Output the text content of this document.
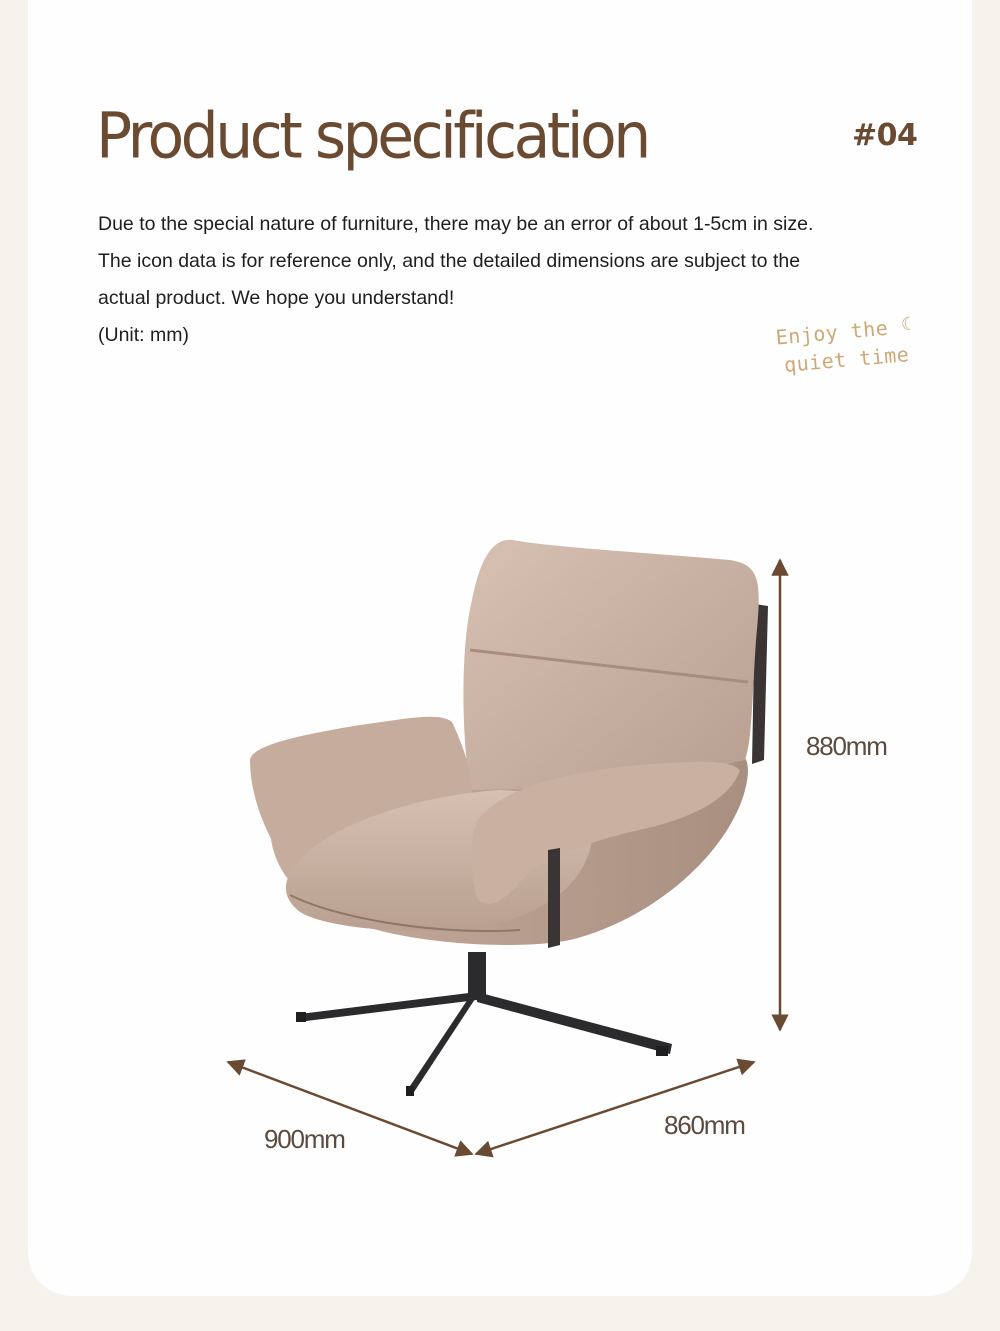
Product specification	#04
Due to the special nature of furniture, there may be an error of about 1-5cm in size.
The icon data is for reference only, and the detailed dimensions are subject to the
actual product. We hope you understand!
(Unit: mm)	Enjoy the ☾
quiet time
880mm
900mm	860mm
